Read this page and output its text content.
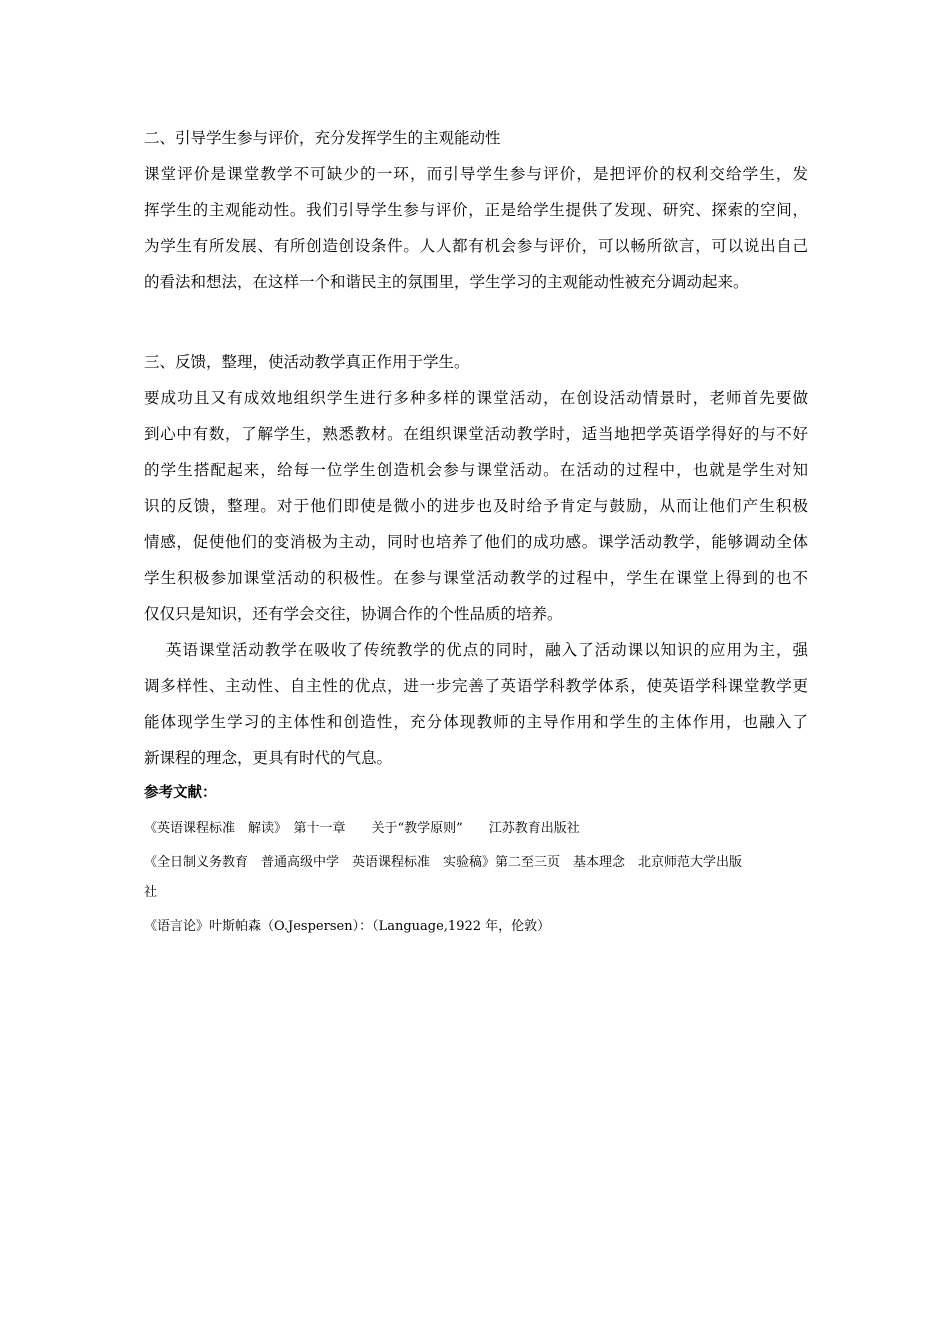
二、引导学生参与评价，充分发挥学生的主观能动性
课堂评价是课堂教学不可缺少的一环，而引导学生参与评价，是把评价的权利交给学生，发
挥学生的主观能动性。我们引导学生参与评价，正是给学生提供了发现、研究、探索的空间，
为学生有所发展、有所创造创设条件。人人都有机会参与评价，可以畅所欲言，可以说出自己
的看法和想法，在这样一个和谐民主的氛围里，学生学习的主观能动性被充分调动起来。
三、反馈，整理，使活动教学真正作用于学生。
要成功且又有成效地组织学生进行多种多样的课堂活动，在创设活动情景时，老师首先要做
到心中有数，了解学生，熟悉教材。在组织课堂活动教学时，适当地把学英语学得好的与不好
的学生搭配起来，给每一位学生创造机会参与课堂活动。在活动的过程中，也就是学生对知
识的反馈，整理。对于他们即使是微小的进步也及时给予肯定与鼓励，从而让他们产生积极
情感，促使他们的变消极为主动，同时也培养了他们的成功感。课学活动教学，能够调动全体
学生积极参加课堂活动的积极性。在参与课堂活动教学的过程中，学生在课堂上得到的也不
仅仅只是知识，还有学会交往，协调合作的个性品质的培养。
英语课堂活动教学在吸收了传统教学的优点的同时，融入了活动课以知识的应用为主，强
调多样性、主动性、自主性的优点，进一步完善了英语学科教学体系，使英语学科课堂教学更
能体现学生学习的主体性和创造性，充分体现教师的主导作用和学生的主体作用，也融入了
新课程的理念，更具有时代的气息。
参考文献：
《英语课程标准　解读》　第十一章　　关于“教学原则”　　江苏教育出版社
《全日制义务教育　普通高级中学　英语课程标准　实验稿》第二至三页　基本理念　北京师范大学出版
社
《语言论》叶斯帕森（O.Jespersen）：（Language,1922 年，伦敦）
